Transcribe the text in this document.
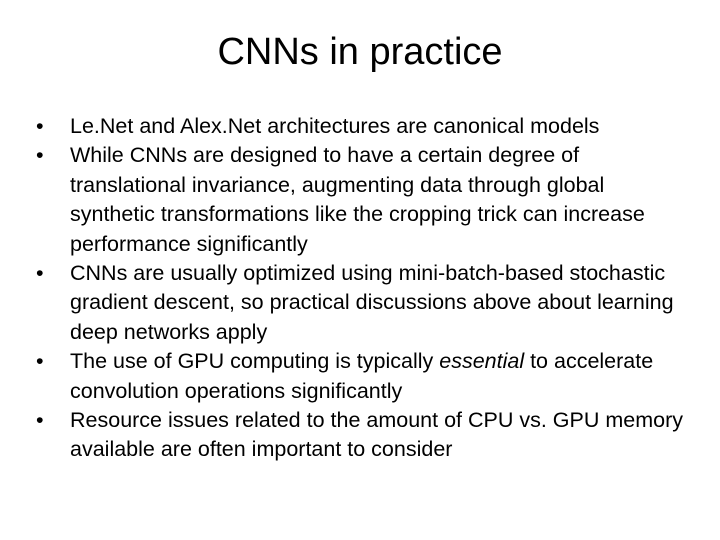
CNNs in practice
•	Le.Net and Alex.Net architectures are canonical models
•	While CNNs are designed to have a certain degree of translational invariance, augmenting data through global synthetic transformations like the cropping trick can increase performance significantly
•	CNNs are usually optimized using mini-batch-based stochastic gradient descent, so practical discussions above about learning deep networks apply
•	The use of GPU computing is typically essential to accelerate convolution operations significantly
•	Resource issues related to the amount of CPU vs. GPU memory available are often important to consider
